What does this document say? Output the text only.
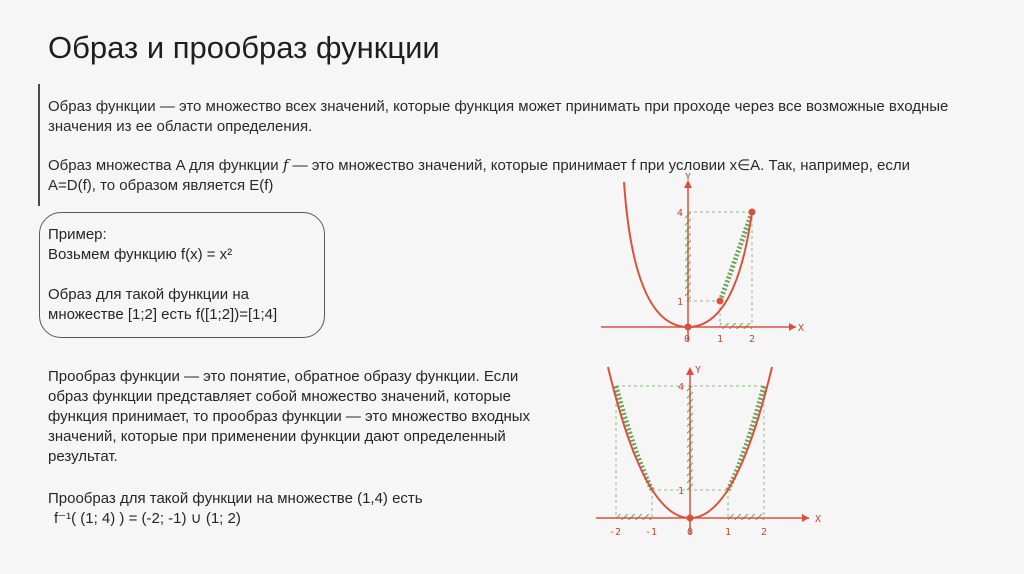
Образ и прообраз функции

Образ функции — это множество всех значений, которые функция может принимать при проходе через все возможные входные значения из ее области определения.

Образ множества A для функции 𝑓 — это множество значений, которые принимает f при условии x∈A. Так, например, если A=D(f), то образом является E(f)

Пример:

Возьмем функцию f(x) = x²

Образ для такой функции на

множестве [1;2] есть f([1;2])=[1;4]

Прообраз функции — это понятие, обратное образу функции. Если образ функции представляет собой множество значений, которые функция принимает, то прообраз функции — это множество входных значений, которые при применении функции дают определенный результат.

Прообраз для такой функции на множестве (1,4) есть

f⁻¹( (1; 4) ) = (-2; -1) ∪ (1; 2)

X
Y
0	1	2
1
4
X
Y
-2 -1	0	1	2
1
4
